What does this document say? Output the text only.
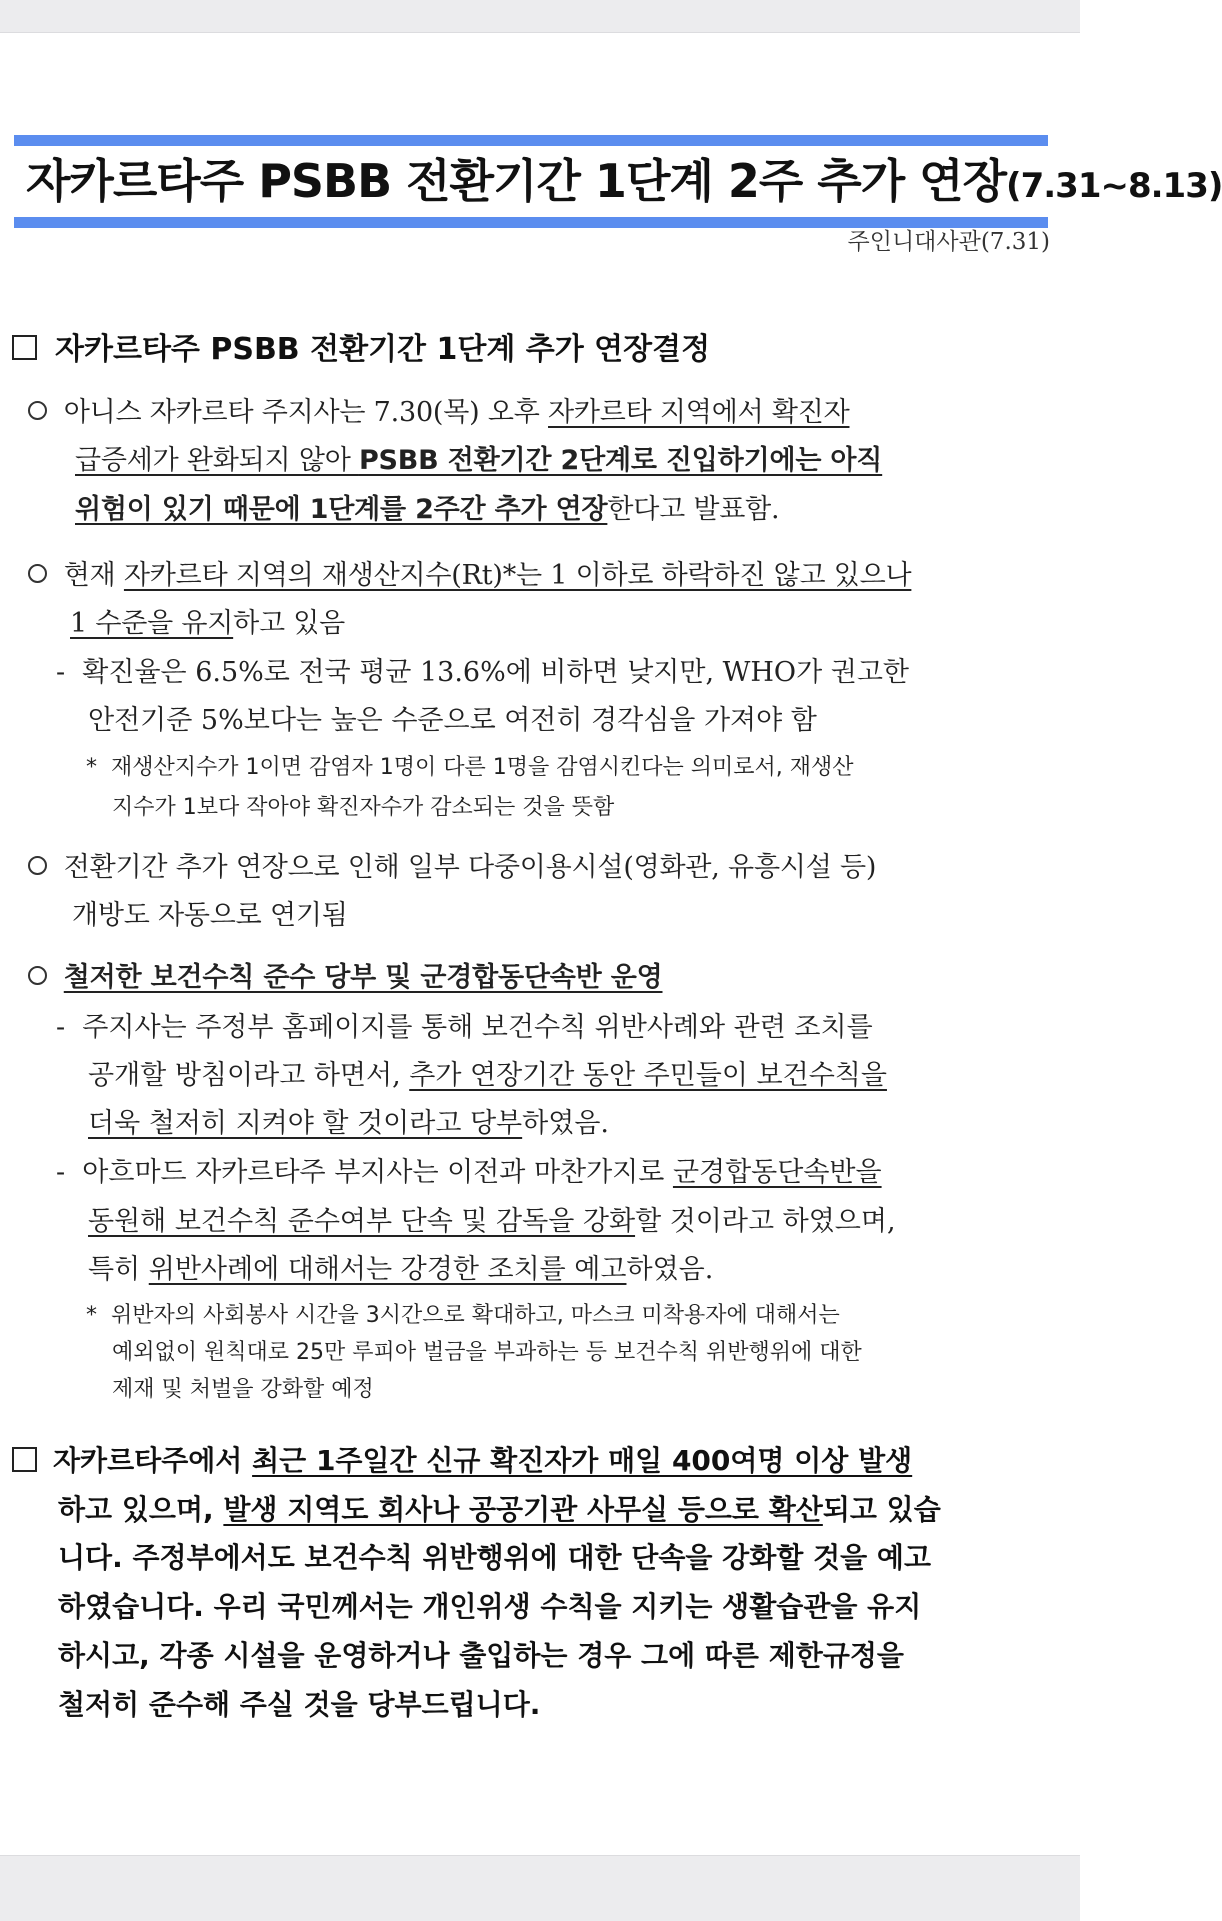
자카르타주 PSBB 전환기간 1단계 2주 추가 연장(7.31~8.13)
주인니대사관(7.31)
자카르타주 PSBB 전환기간 1단계 추가 연장결정
아니스 자카르타 주지사는 7.30(목) 오후 자카르타 지역에서 확진자
급증세가 완화되지 않아 PSBB 전환기간 2단계로 진입하기에는 아직
위험이 있기 때문에 1단계를 2주간 추가 연장한다고 발표함.
현재 자카르타 지역의 재생산지수(Rt)*는 1 이하로 하락하진 않고 있으나
1 수준을 유지하고 있음
-  확진율은 6.5%로 전국 평균 13.6%에 비하면 낮지만, WHO가 권고한
안전기준 5%보다는 높은 수준으로 여전히 경각심을 가져야 함
*  재생산지수가 1이면 감염자 1명이 다른 1명을 감염시킨다는 의미로서, 재생산
지수가 1보다 작아야 확진자수가 감소되는 것을 뜻함
전환기간 추가 연장으로 인해 일부 다중이용시설(영화관, 유흥시설 등)
개방도 자동으로 연기됨
철저한 보건수칙 준수 당부 및 군경합동단속반 운영
-  주지사는 주정부 홈페이지를 통해 보건수칙 위반사례와 관련 조치를
공개할 방침이라고 하면서, 추가 연장기간 동안 주민들이 보건수칙을
더욱 철저히 지켜야 할 것이라고 당부하였음.
-  아흐마드 자카르타주 부지사는 이전과 마찬가지로 군경합동단속반을
동원해 보건수칙 준수여부 단속 및 감독을 강화할 것이라고 하였으며,
특히 위반사례에 대해서는 강경한 조치를 예고하였음.
*  위반자의 사회봉사 시간을 3시간으로 확대하고, 마스크 미착용자에 대해서는
예외없이 원칙대로 25만 루피아 벌금을 부과하는 등 보건수칙 위반행위에 대한
제재 및 처벌을 강화할 예정
자카르타주에서 최근 1주일간 신규 확진자가 매일 400여명 이상 발생
하고 있으며, 발생 지역도 회사나 공공기관 사무실 등으로 확산되고 있습
니다. 주정부에서도 보건수칙 위반행위에 대한 단속을 강화할 것을 예고
하였습니다. 우리 국민께서는 개인위생 수칙을 지키는 생활습관을 유지
하시고, 각종 시설을 운영하거나 출입하는 경우 그에 따른 제한규정을
철저히 준수해 주실 것을 당부드립니다.
